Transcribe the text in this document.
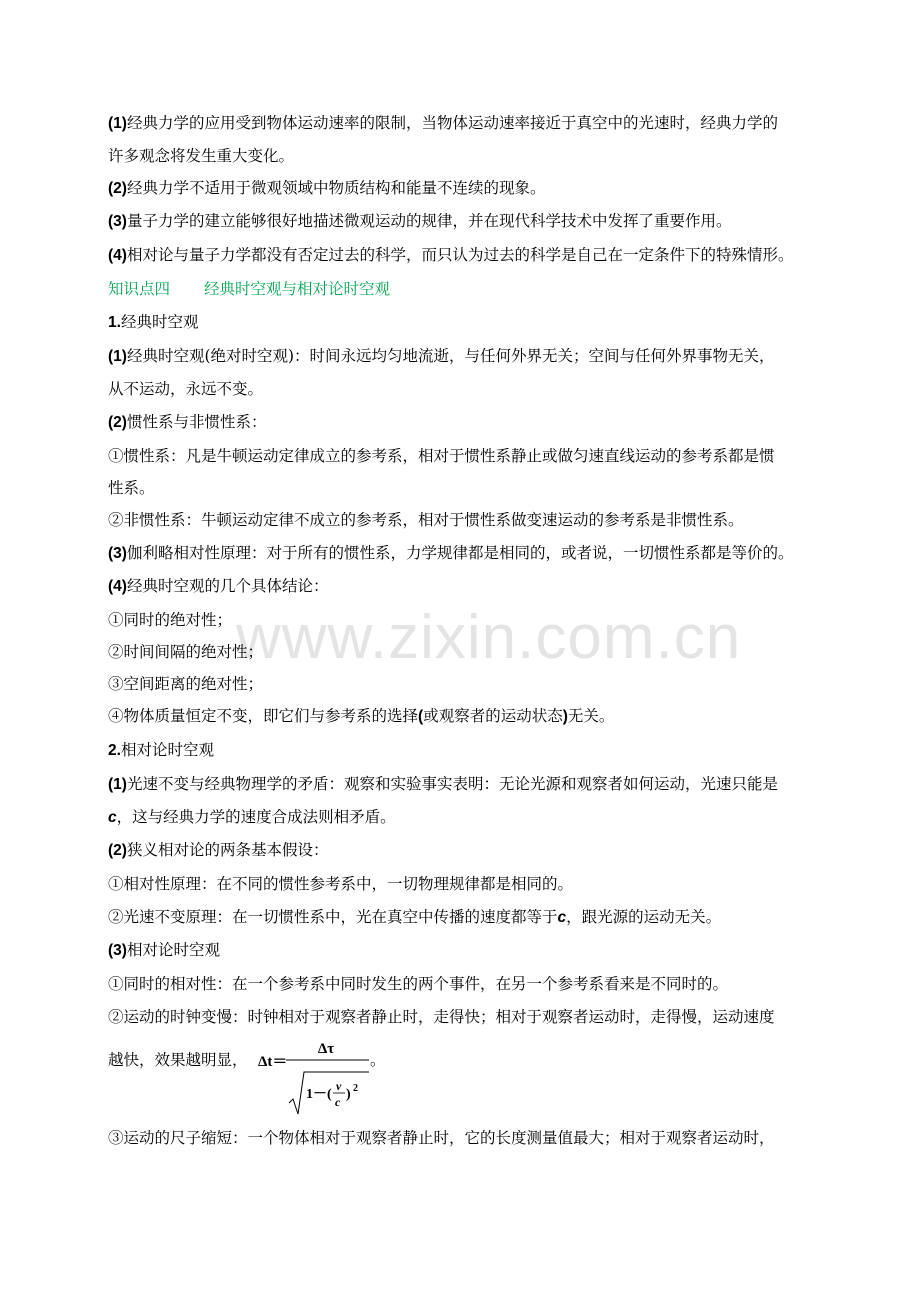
www.zixin.com.cn
(1)经典力学的应用受到物体运动速率的限制，当物体运动速率接近于真空中的光速时，经典力学的
许多观念将发生重大变化。
(2)经典力学不适用于微观领域中物质结构和能量不连续的现象。
(3)量子力学的建立能够很好地描述微观运动的规律，并在现代科学技术中发挥了重要作用。
(4)相对论与量子力学都没有否定过去的科学，而只认为过去的科学是自己在一定条件下的特殊情形。
知识点四 经典时空观与相对论时空观
1.经典时空观
(1)经典时空观(绝对时空观)：时间永远均匀地流逝，与任何外界无关；空间与任何外界事物无关，
从不运动，永远不变。
(2)惯性系与非惯性系：
①惯性系：凡是牛顿运动定律成立的参考系，相对于惯性系静止或做匀速直线运动的参考系都是惯
性系。
②非惯性系：牛顿运动定律不成立的参考系，相对于惯性系做变速运动的参考系是非惯性系。
(3)伽利略相对性原理：对于所有的惯性系，力学规律都是相同的，或者说，一切惯性系都是等价的。
(4)经典时空观的几个具体结论：
①同时的绝对性；
②时间间隔的绝对性；
③空间距离的绝对性；
④物体质量恒定不变，即它们与参考系的选择(或观察者的运动状态)无关。
2.相对论时空观
(1)光速不变与经典物理学的矛盾：观察和实验事实表明：无论光源和观察者如何运动，光速只能是
c，这与经典力学的速度合成法则相矛盾。
(2)狭义相对论的两条基本假设：
①相对性原理：在不同的惯性参考系中，一切物理规律都是相同的。
②光速不变原理：在一切惯性系中，光在真空中传播的速度都等于c，跟光源的运动无关。
(3)相对论时空观
①同时的相对性：在一个参考系中同时发生的两个事件，在另一个参考系看来是不同时的。
②运动的时钟变慢：时钟相对于观察者静止时，走得快；相对于观察者运动时，走得慢，运动速度
越快，效果越明显， Δt＝
Δτ
1－(
v
c ) 2
。
③运动的尺子缩短：一个物体相对于观察者静止时，它的长度测量值最大；相对于观察者运动时，
